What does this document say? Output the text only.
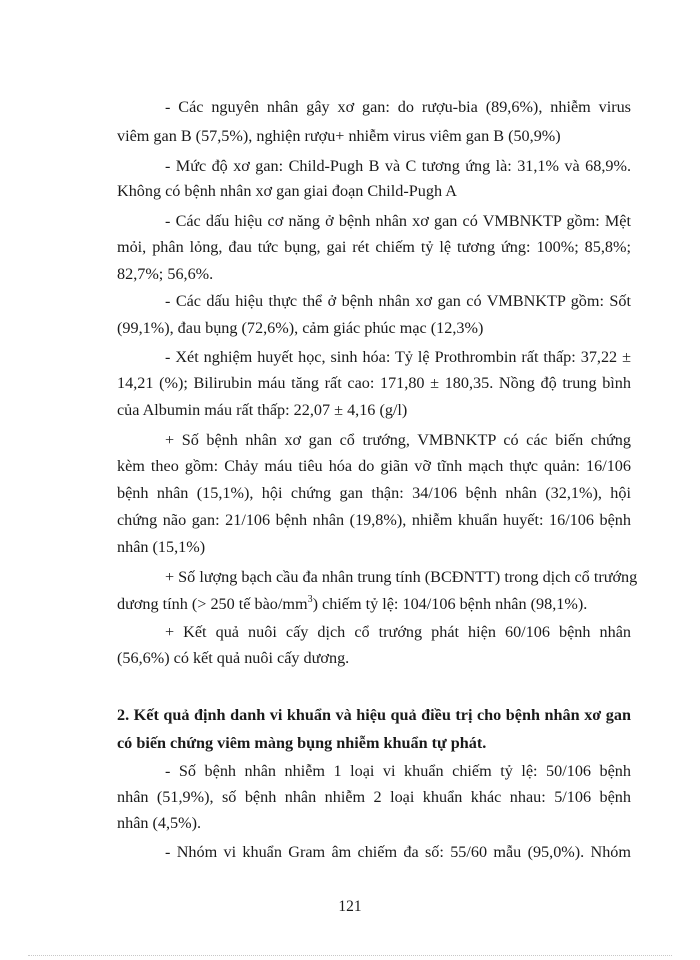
- Các nguyên nhân gây xơ gan: do rượu-bia (89,6%), nhiễm virus
viêm gan B (57,5%), nghiện rượu+ nhiễm virus viêm gan B (50,9%)
- Mức độ xơ gan: Child-Pugh B và C tương ứng là: 31,1% và 68,9%.
Không có bệnh nhân xơ gan giai đoạn Child-Pugh A
- Các dấu hiệu cơ năng ở bệnh nhân xơ gan có VMBNKTP gồm: Mệt
mỏi, phân lỏng, đau tức bụng, gai rét chiếm tỷ lệ tương ứng: 100%; 85,8%;
82,7%; 56,6%.
- Các dấu hiệu thực thể ở bệnh nhân xơ gan có VMBNKTP gồm: Sốt
(99,1%), đau bụng (72,6%), cảm giác phúc mạc (12,3%)
- Xét nghiệm huyết học, sinh hóa: Tỷ lệ Prothrombin rất thấp: 37,22 ±
14,21 (%); Bilirubin máu tăng rất cao: 171,80 ± 180,35. Nồng độ trung bình
của Albumin máu rất thấp: 22,07 ± 4,16 (g/l)
+ Số bệnh nhân xơ gan cổ trướng, VMBNKTP có các biến chứng
kèm theo gồm: Chảy máu tiêu hóa do giãn vỡ tĩnh mạch thực quản: 16/106
bệnh nhân (15,1%), hội chứng gan thận: 34/106 bệnh nhân (32,1%), hội
chứng não gan: 21/106 bệnh nhân (19,8%), nhiễm khuẩn huyết: 16/106 bệnh
nhân (15,1%)
+ Số lượng bạch cầu đa nhân trung tính (BCĐNTT) trong dịch cổ trướng
dương tính (> 250 tế bào/$mm^3$) chiếm tỷ lệ: 104/106 bệnh nhân (98,1%).
+ Kết quả nuôi cấy dịch cổ trướng phát hiện 60/106 bệnh nhân
(56,6%) có kết quả nuôi cấy dương.
2. Kết quả định danh vi khuẩn và hiệu quả điều trị cho bệnh nhân xơ gan
có biến chứng viêm màng bụng nhiễm khuẩn tự phát.
- Số bệnh nhân nhiễm 1 loại vi khuẩn chiếm tỷ lệ: 50/106 bệnh
nhân (51,9%), số bệnh nhân nhiễm 2 loại khuẩn khác nhau: 5/106 bệnh
nhân (4,5%).
- Nhóm vi khuẩn Gram âm chiếm đa số: 55/60 mẫu (95,0%). Nhóm
121
